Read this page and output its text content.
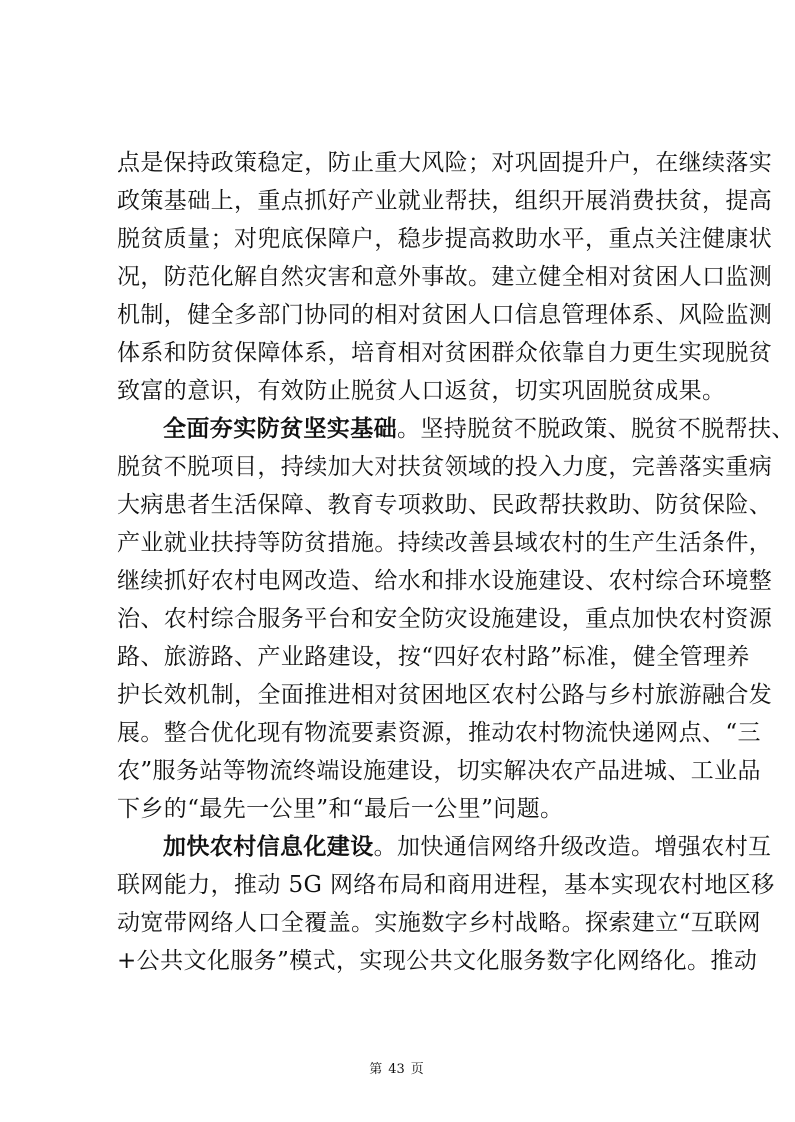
点是保持政策稳定，防止重大风险；对巩固提升户，在继续落实
政策基础上，重点抓好产业就业帮扶，组织开展消费扶贫，提高
脱贫质量；对兜底保障户，稳步提高救助水平，重点关注健康状
况，防范化解自然灾害和意外事故。建立健全相对贫困人口监测
机制，健全多部门协同的相对贫困人口信息管理体系、风险监测
体系和防贫保障体系，培育相对贫困群众依靠自力更生实现脱贫
致富的意识，有效防止脱贫人口返贫，切实巩固脱贫成果。
全面夯实防贫坚实基础。坚持脱贫不脱政策、脱贫不脱帮扶、
脱贫不脱项目，持续加大对扶贫领域的投入力度，完善落实重病
大病患者生活保障、教育专项救助、民政帮扶救助、防贫保险、
产业就业扶持等防贫措施。持续改善县域农村的生产生活条件，
继续抓好农村电网改造、给水和排水设施建设、农村综合环境整
治、农村综合服务平台和安全防灾设施建设，重点加快农村资源
路、旅游路、产业路建设，按“四好农村路”标准，健全管理养
护长效机制，全面推进相对贫困地区农村公路与乡村旅游融合发
展。整合优化现有物流要素资源，推动农村物流快递网点、“三
农”服务站等物流终端设施建设，切实解决农产品进城、工业品
下乡的“最先一公里”和“最后一公里”问题。
加快农村信息化建设。加快通信网络升级改造。增强农村互
联网能力，推动 5G 网络布局和商用进程，基本实现农村地区移
动宽带网络人口全覆盖。实施数字乡村战略。探索建立“互联网
+公共文化服务”模式，实现公共文化服务数字化网络化。推动
第 43 页
